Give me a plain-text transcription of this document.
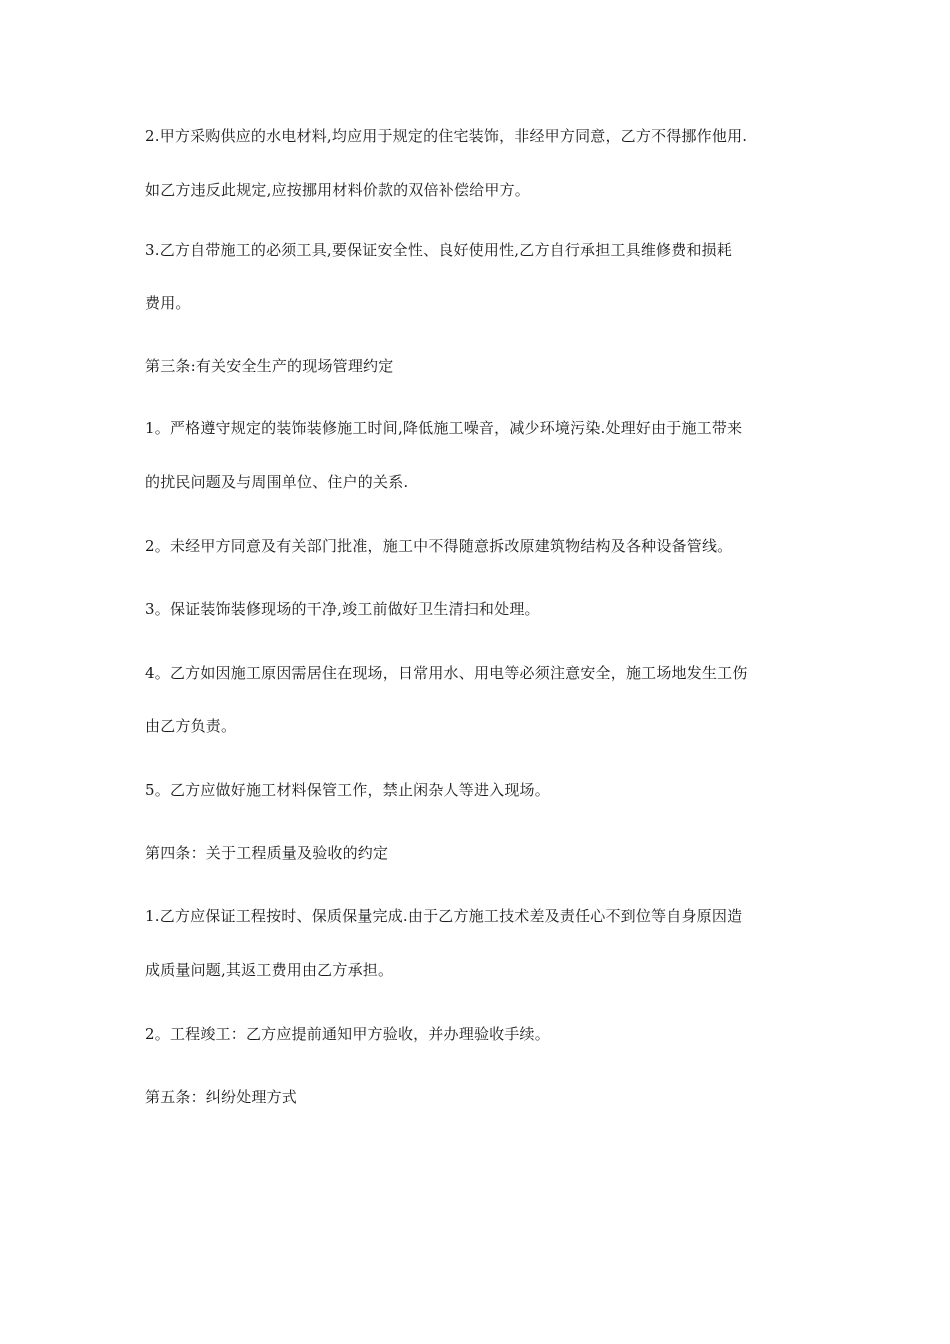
2.甲方采购供应的水电材料,均应用于规定的住宅装饰，非经甲方同意，乙方不得挪作他用.
如乙方违反此规定,应按挪用材料价款的双倍补偿给甲方。
3.乙方自带施工的必须工具,要保证安全性、良好使用性,乙方自行承担工具维修费和损耗
费用。
第三条:有关安全生产的现场管理约定
1。严格遵守规定的装饰装修施工时间,降低施工噪音，减少环境污染.处理好由于施工带来
的扰民问题及与周围单位、住户的关系.
2。未经甲方同意及有关部门批准，施工中不得随意拆改原建筑物结构及各种设备管线。
3。保证装饰装修现场的干净,竣工前做好卫生清扫和处理。
4。乙方如因施工原因需居住在现场，日常用水、用电等必须注意安全，施工场地发生工伤
由乙方负责。
5。乙方应做好施工材料保管工作，禁止闲杂人等进入现场。
第四条：关于工程质量及验收的约定
1.乙方应保证工程按时、保质保量完成.由于乙方施工技术差及责任心不到位等自身原因造
成质量问题,其返工费用由乙方承担。
2。工程竣工：乙方应提前通知甲方验收，并办理验收手续。
第五条：纠纷处理方式
